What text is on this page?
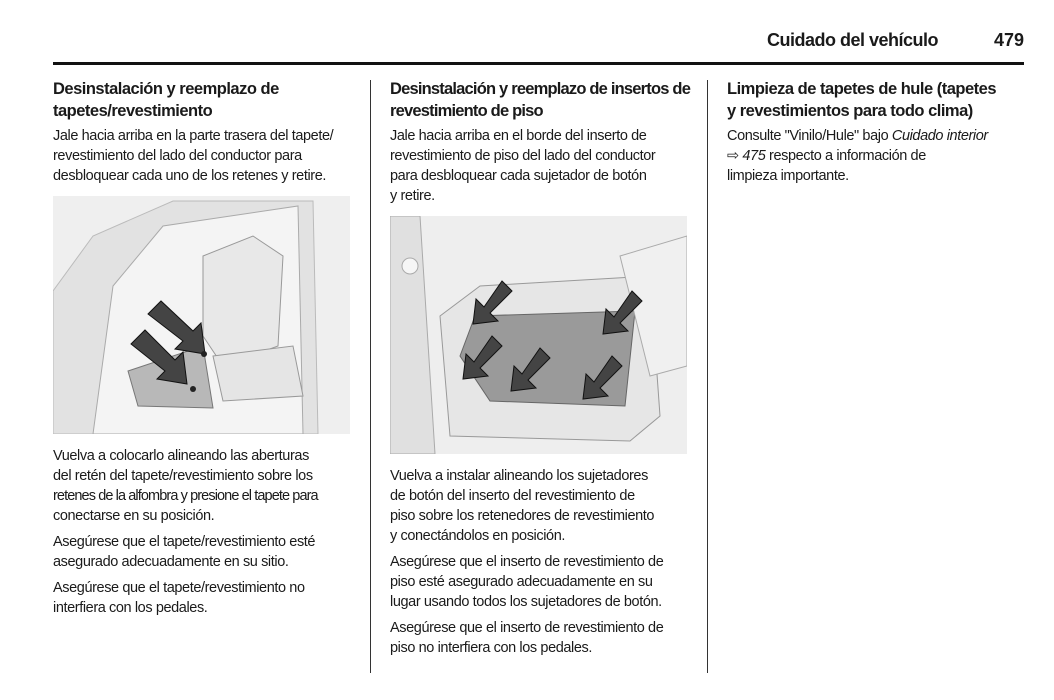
Cuidado del vehículo	479
Desinstalación y reemplazo de
tapetes/revestimiento
Jale hacia arriba en la parte trasera del tapete/
revestimiento del lado del conductor para
desbloquear cada uno de los retenes y retire.
Vuelva a colocarlo alineando las aberturas
del retén del tapete/revestimiento sobre los
retenes de la alfombra y presione el tapete para
conectarse en su posición.
Asegúrese que el tapete/revestimiento esté
asegurado adecuadamente en su sitio.
Asegúrese que el tapete/revestimiento no
interfiera con los pedales.
Desinstalación y reemplazo de insertos de
revestimiento de piso
Jale hacia arriba en el borde del inserto de
revestimiento de piso del lado del conductor
para desbloquear cada sujetador de botón
y retire.
Vuelva a instalar alineando los sujetadores
de botón del inserto del revestimiento de
piso sobre los retenedores de revestimiento
y conectándolos en posición.
Asegúrese que el inserto de revestimiento de
piso esté asegurado adecuadamente en su
lugar usando todos los sujetadores de botón.
Asegúrese que el inserto de revestimiento de
piso no interfiera con los pedales.
Limpieza de tapetes de hule (tapetes
y revestimientos para todo clima)
Consulte "Vinilo/Hule" bajo Cuidado interior
⇨ 475 respecto a información de
limpieza importante.
